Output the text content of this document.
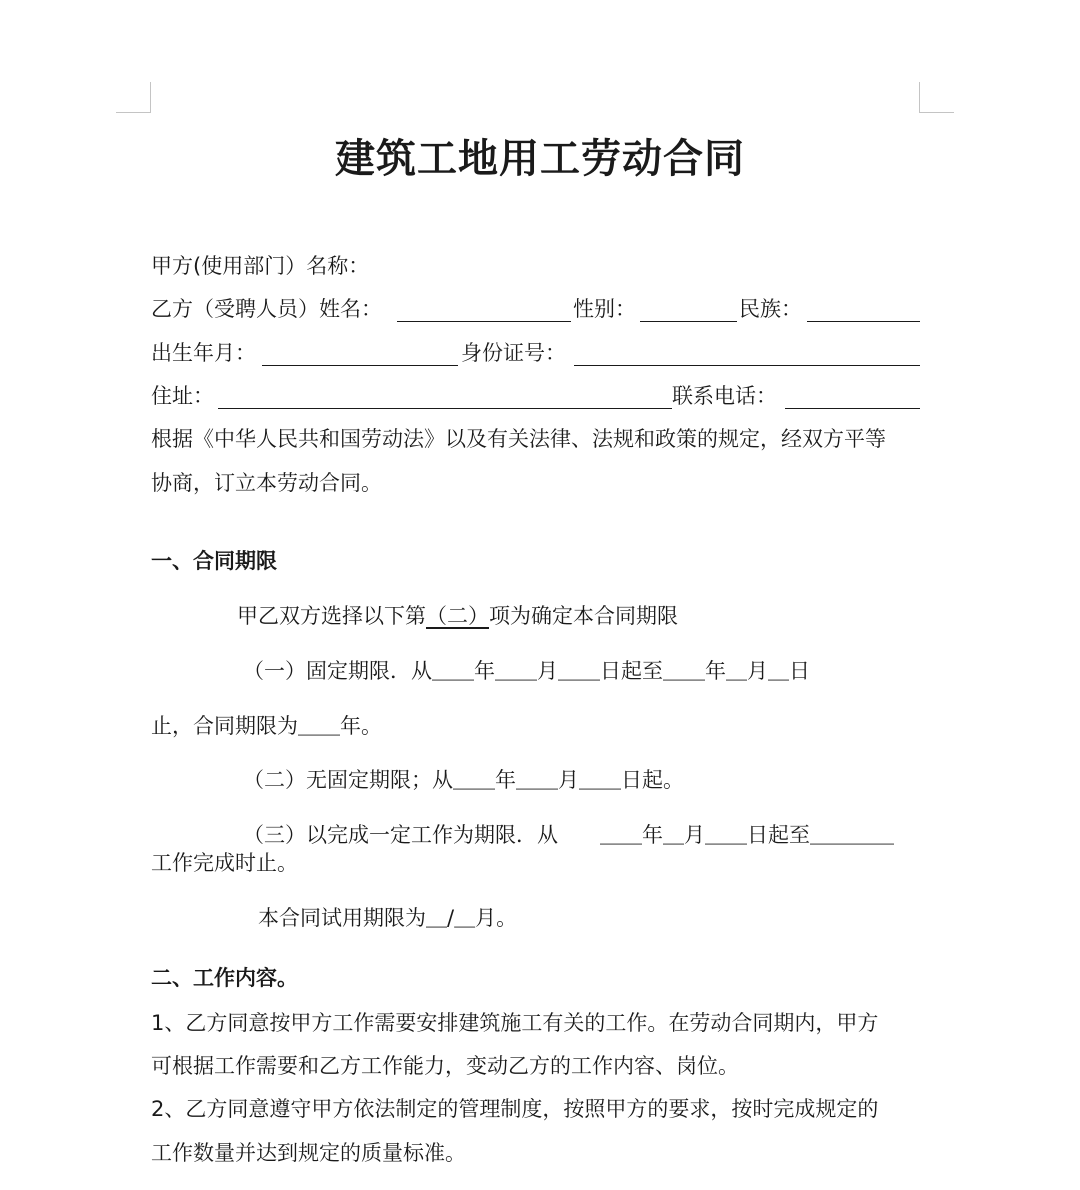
建筑工地用工劳动合同
甲方(使用部门）名称：
乙方（受聘人员）姓名：	性别：	民族：
出生年月：	身份证号：
住址：	联系电话：
根据《中华人民共和国劳动法》以及有关法律、法规和政策的规定，经双方平等
协商，订立本劳动合同。
一、合同期限
甲乙双方选择以下第（二）项为确定本合同期限
（一）固定期限．从＿＿年＿＿月＿＿日起至＿＿年＿月＿日
止，合同期限为＿＿年。
（二）无固定期限；从＿＿年＿＿月＿＿日起。
（三）以完成一定工作为期限．从　　＿＿年＿月＿＿日起至＿＿＿＿
工作完成时止。
本合同试用期限为＿/＿月。
二、工作内容。
1、乙方同意按甲方工作需要安排建筑施工有关的工作。在劳动合同期内，甲方
可根据工作需要和乙方工作能力，变动乙方的工作内容、岗位。
2、乙方同意遵守甲方依法制定的管理制度，按照甲方的要求，按时完成规定的
工作数量并达到规定的质量标准。
